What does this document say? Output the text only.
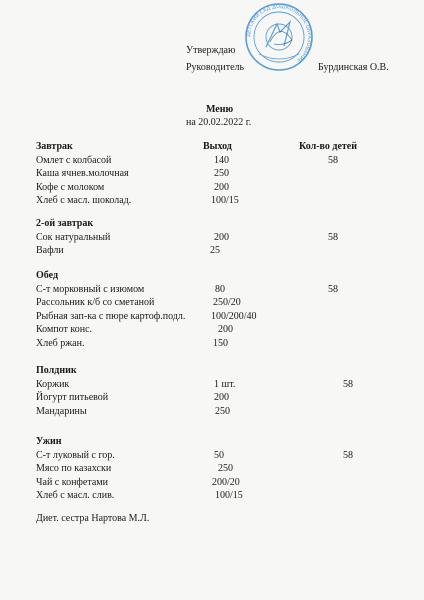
Утверждаю
Руководитель	Бурдинская О.В.
ДЕТСКИЙ САД ДОШКОЛЬНОЕ ОБРАЗОВАНИЕ
Меню
на 20.02.2022 г.
Завтрак	Выход	Кол-во детей
Омлет с колбасой	140	58
Каша ячнев.молочная	250
Кофе с молоком	200
Хлеб с масл. шоколад.	100/15
2-ой завтрак
Сок натуральный	200	58
Вафли	25
Обед
С-т морковный с изюмом	80	58
Рассольник к/б со сметаной	250/20
Рыбная зап-ка с пюре картоф.подл.	100/200/40
Компот конс.	200
Хлеб ржан.	150
Полдник
Коржик	1 шт.	58
Йогурт питьевой	200
Мандарины	250
Ужин
С-т луковый с гор.	50	58
Мясо по казахски	250
Чай с конфетами	200/20
Хлеб с масл. слив.	100/15
Диет. сестра Нартова М.Л.
